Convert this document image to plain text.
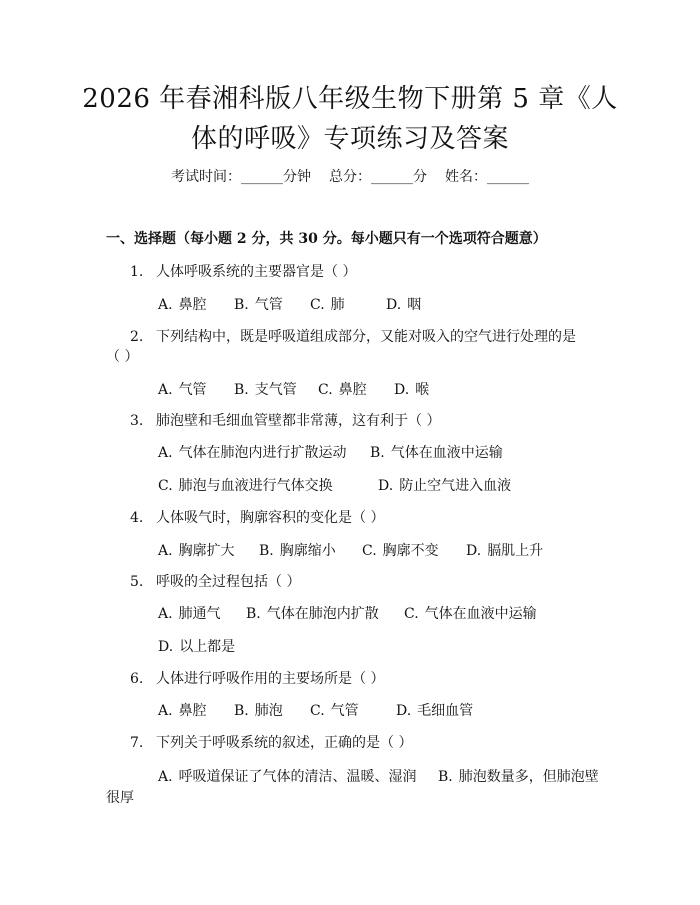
2026 年春湘科版八年级生物下册第 5 章《人
体的呼吸》专项练习及答案
考试时间：______分钟 总分：______分 姓名：______
一、选择题（每小题 2 分，共 30 分。每小题只有一个选项符合题意）
1. 人体呼吸系统的主要器官是（ ）
A. 鼻腔 B. 气管 C. 肺	D. 咽
2. 下列结构中，既是呼吸道组成部分，又能对吸入的空气进行处理的是
（ ）
A. 气管 B. 支气管 C. 鼻腔 D. 喉
3. 肺泡壁和毛细血管壁都非常薄，这有利于（ ）
A. 气体在肺泡内进行扩散运动 B. 气体在血液中运输
C. 肺泡与血液进行气体交换	D. 防止空气进入血液
4. 人体吸气时，胸廓容积的变化是（ ）
A. 胸廓扩大 B. 胸廓缩小 C. 胸廓不变 D. 膈肌上升
5. 呼吸的全过程包括（ ）
A. 肺通气 B. 气体在肺泡内扩散 C. 气体在血液中运输
D. 以上都是
6. 人体进行呼吸作用的主要场所是（ ）
A. 鼻腔 B. 肺泡 C. 气管	D. 毛细血管
7. 下列关于呼吸系统的叙述，正确的是（ ）
A. 呼吸道保证了气体的清洁、温暖、湿润 B. 肺泡数量多，但肺泡壁
很厚
